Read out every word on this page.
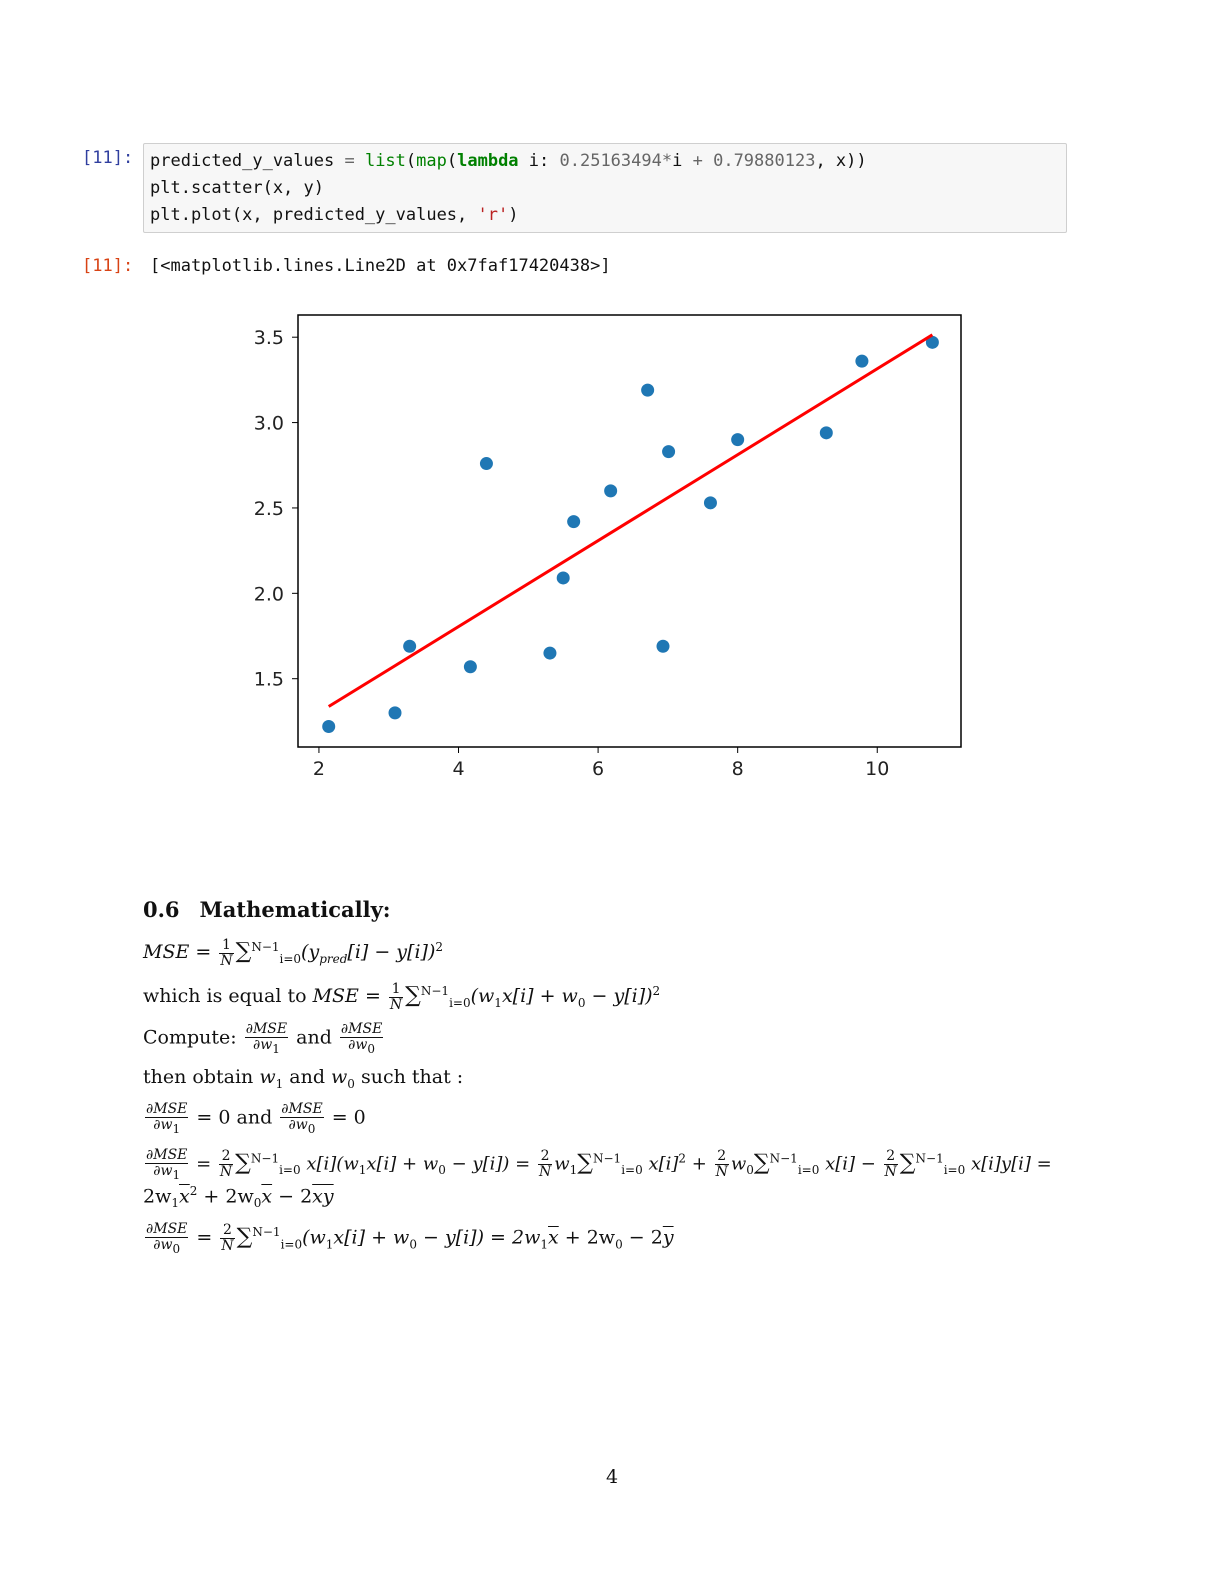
[11]:
[11]:
predicted_y_values = list(map(lambda i: 0.25163494*i + 0.79880123, x))
plt.scatter(x, y)
plt.plot(x, predicted_y_values, 'r')
[<matplotlib.lines.Line2D at 0x7faf17420438>]
2	4	6	8	10
1.5
2.0
2.5
3.0
3.5
0.6 Mathematically:
MSE = $\frac{1}{N} \sum^{N-1}_{i=0}(y_{pred}[i] - y[i])^2$
which is equal to MSE = $\frac{1}{N} \sum^{N-1}_{i=0}(w_1x[i] + w_0 - y[i])^2$
Compute: $\frac{\text{∂MSE}}{\partial w_1}$ and $\frac{\text{∂MSE}}{\partial w_0}$
then obtain $w_1$ and $w_0$ such that :
$\frac{\text{∂MSE}}{\partial w_1} = 0$ and $\frac{\text{∂MSE}}{\partial w_0} = 0$
$\frac{\text{∂MSE}}{\partial w_1} = \frac{2}{N} \sum^{N-1}_{i=0}$ $x[i](w_1x[i] + w_0 - y[i]) = \frac{2}{N} w_1\sum^{N-1}_{i=0}$ $x[i]^2 + \frac{2}{N} w_0\sum^{N-1}_{i=0}$ $x[i] - \frac{2}{N} \sum^{N-1}_{i=0}$ x[i]y[i] =
$2w_1\overline{x}^2 + 2w_0\overline{x} - 2\overline{xy}$
$\frac{\text{∂MSE}}{\partial w_0} = \frac{2}{N} \sum^{N-1}_{i=0}(w_1x[i] + w_0 - y[i]) = 2w_1\overline{x} + 2w_0 - 2\overline{y}$
4
